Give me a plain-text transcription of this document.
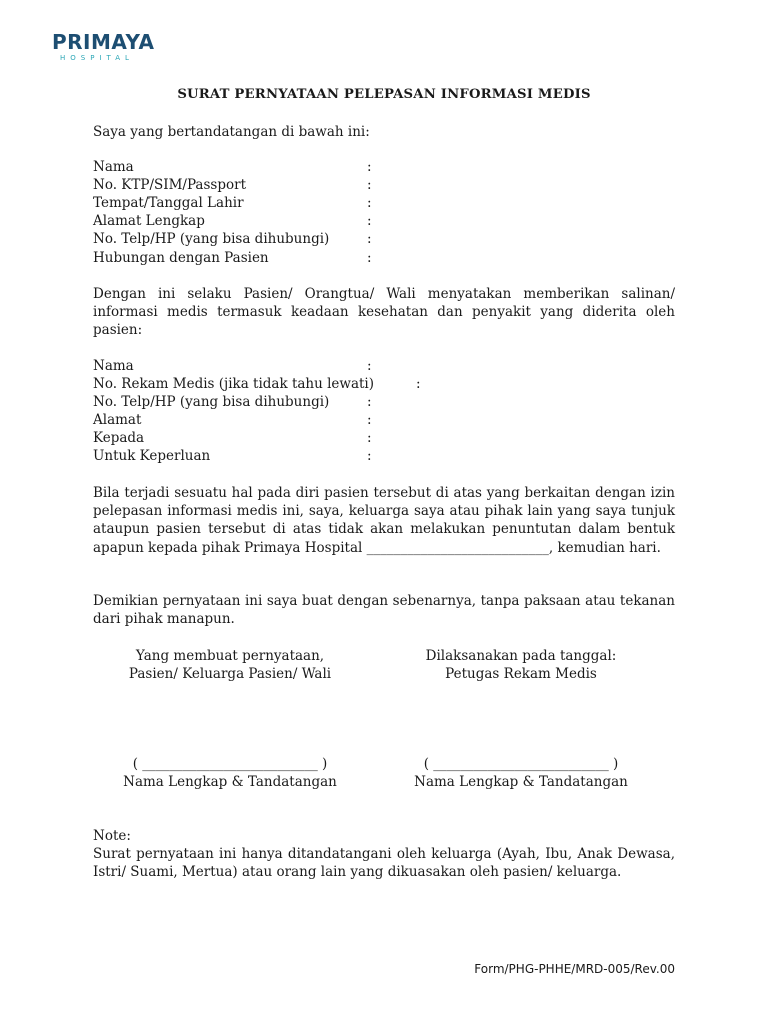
PRIMAYA
HOSPITAL
SURAT PERNYATAAN PELEPASAN INFORMASI MEDIS
Saya yang bertandatangan di bawah ini:
Nama	:
No. KTP/SIM/Passport	:
Tempat/Tanggal Lahir	:
Alamat Lengkap	:
No. Telp/HP (yang bisa dihubungi)	:
Hubungan dengan Pasien	:
Dengan ini selaku Pasien/ Orangtua/ Wali menyatakan memberikan salinan/ informasi medis termasuk keadaan kesehatan dan penyakit yang diderita oleh pasien:
Nama	:
No. Rekam Medis (jika tidak tahu lewati)	:
No. Telp/HP (yang bisa dihubungi)	:
Alamat	:
Kepada	:
Untuk Keperluan	:
Bila terjadi sesuatu hal pada diri pasien tersebut di atas yang berkaitan dengan izin pelepasan informasi medis ini, saya, keluarga saya atau pihak lain yang saya tunjuk ataupun pasien tersebut di atas tidak akan melakukan penuntutan dalam bentuk apapun kepada pihak Primaya Hospital ___________________________, kemudian hari.
Demikian pernyataan ini saya buat dengan sebenarnya, tanpa paksaan atau tekanan dari pihak manapun.
Yang membuat pernyataan,
Pasien/ Keluarga Pasien/ Wali
( __________________________ )
Nama Lengkap & Tandatangan
Dilaksanakan pada tanggal:
Petugas Rekam Medis
( __________________________ )
Nama Lengkap & Tandatangan
Note:
Surat pernyataan ini hanya ditandatangani oleh keluarga (Ayah, Ibu, Anak Dewasa, Istri/ Suami, Mertua) atau orang lain yang dikuasakan oleh pasien/ keluarga.
Form/PHG-PHHE/MRD-005/Rev.00
